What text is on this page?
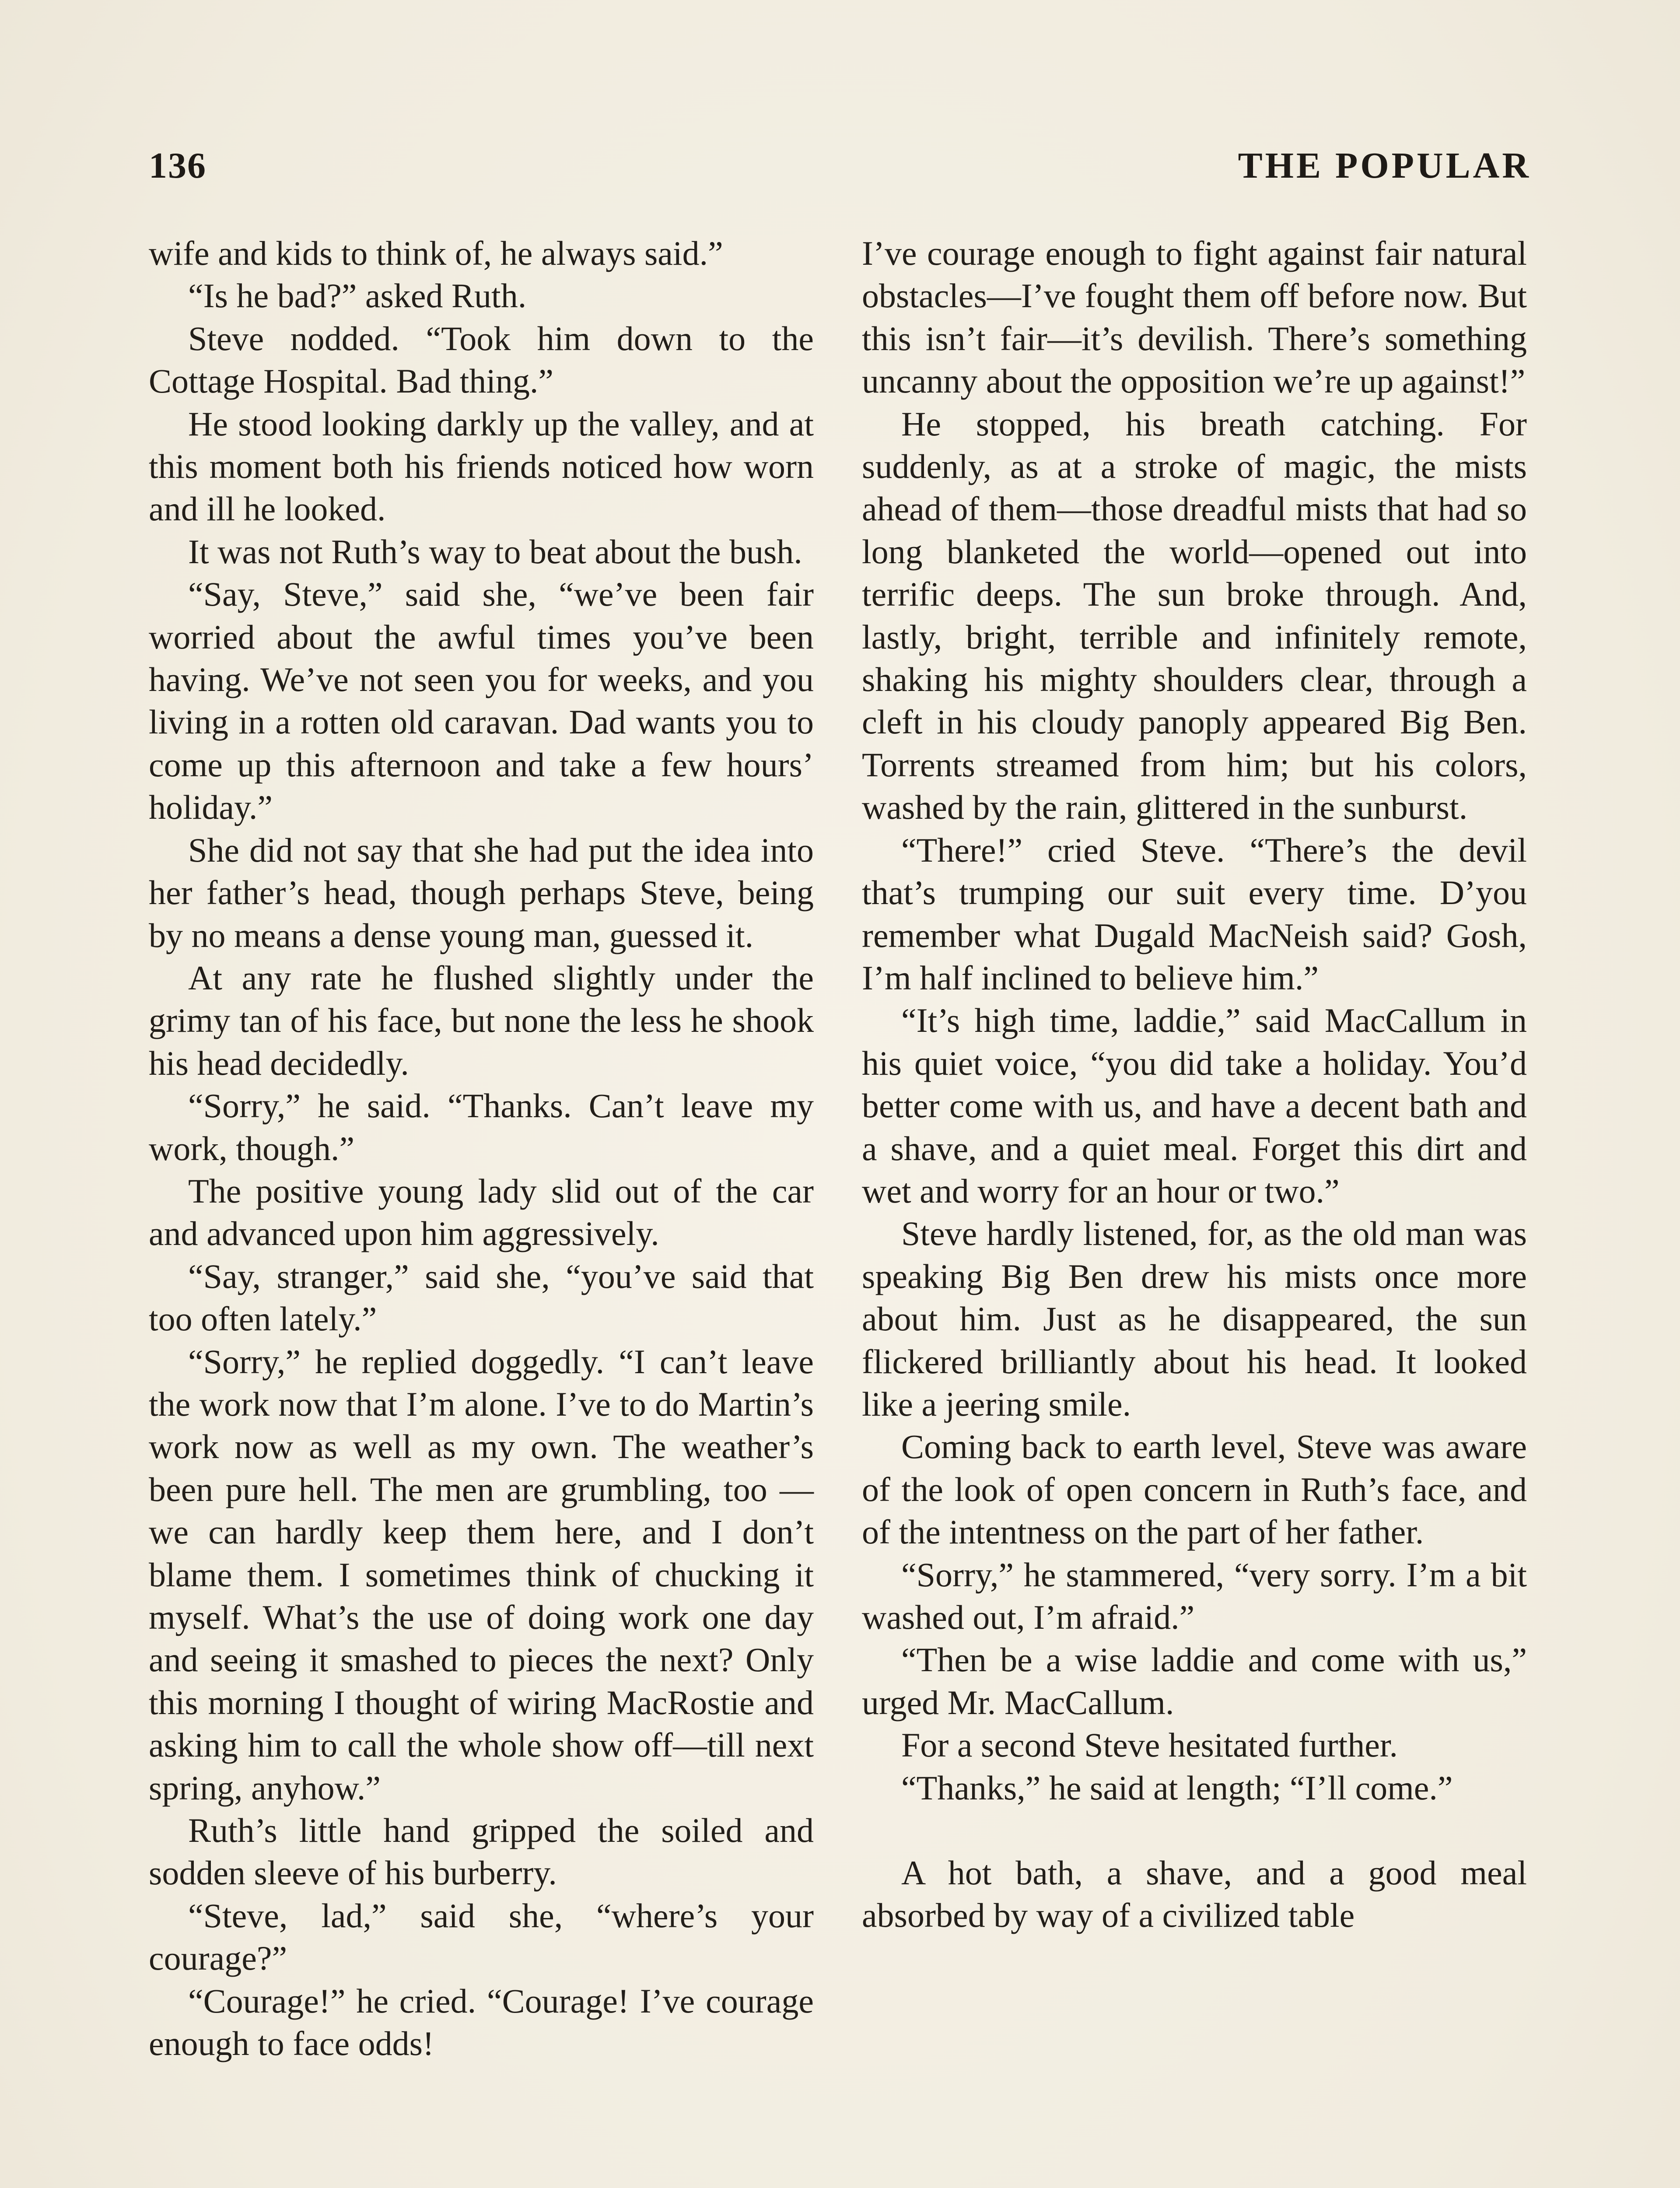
136	THE POPULAR

wife and kids to think of, he always said.”

“Is he bad?” asked Ruth.

Steve nodded. “Took him down to the Cottage Hospital. Bad thing.”

He stood looking darkly up the valley, and at this moment both his friends noticed how worn and ill he looked.

It was not Ruth’s way to beat about the bush.

“Say, Steve,” said she, “we’ve been fair worried about the awful times you’ve been having. We’ve not seen you for weeks, and you living in a rotten old caravan. Dad wants you to come up this afternoon and take a few hours’ holiday.”

She did not say that she had put the idea into her father’s head, though perhaps Steve, being by no means a dense young man, guessed it.

At any rate he flushed slightly under the grimy tan of his face, but none the less he shook his head decidedly.

“Sorry,” he said. “Thanks. Can’t leave my work, though.”

The positive young lady slid out of the car and advanced upon him aggressively.

“Say, stranger,” said she, “you’ve said that too often lately.”

“Sorry,” he replied doggedly. “I can’t leave the work now that I’m alone. I’ve to do Martin’s work now as well as my own. The weather’s been pure hell. The men are grumbling, too —we can hardly keep them here, and I don’t blame them. I sometimes think of chucking it myself. What’s the use of doing work one day and seeing it smashed to pieces the next? Only this morning I thought of wiring MacRostie and asking him to call the whole show off—till next spring, anyhow.”

Ruth’s little hand gripped the soiled and sodden sleeve of his burberry.

“Steve, lad,” said she, “where’s your courage?”

“Courage!” he cried. “Courage! I’ve courage enough to face odds!

I’ve courage enough to fight against fair natural obstacles—I’ve fought them off before now. But this isn’t fair—it’s devilish. There’s something uncanny about the opposition we’re up against!”

He stopped, his breath catching. For suddenly, as at a stroke of magic, the mists ahead of them—those dreadful mists that had so long blanketed the world—opened out into terrific deeps. The sun broke through. And, lastly, bright, terrible and infinitely remote, shaking his mighty shoulders clear, through a cleft in his cloudy panoply appeared Big Ben. Torrents streamed from him; but his colors, washed by the rain, glittered in the sunburst.

“There!” cried Steve. “There’s the devil that’s trumping our suit every time. D’you remember what Dugald MacNeish said? Gosh, I’m half inclined to believe him.”

“It’s high time, laddie,” said MacCallum in his quiet voice, “you did take a holiday. You’d better come with us, and have a decent bath and a shave, and a quiet meal. Forget this dirt and wet and worry for an hour or two.”

Steve hardly listened, for, as the old man was speaking Big Ben drew his mists once more about him. Just as he disappeared, the sun flickered brilliantly about his head. It looked like a jeering smile.

Coming back to earth level, Steve was aware of the look of open concern in Ruth’s face, and of the intentness on the part of her father.

“Sorry,” he stammered, “very sorry. I’m a bit washed out, I’m afraid.”

“Then be a wise laddie and come with us,” urged Mr. MacCallum.

For a second Steve hesitated further.

“Thanks,” he said at length; “I’ll come.”

A hot bath, a shave, and a good meal absorbed by way of a civilized table
